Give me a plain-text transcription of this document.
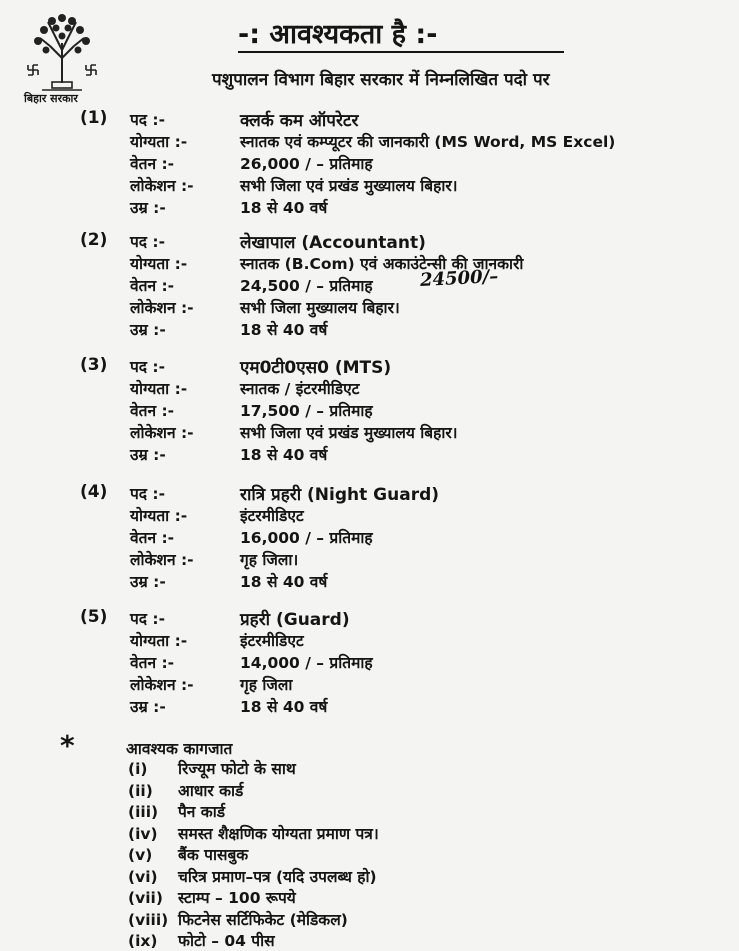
बिहार सरकार
-: आवश्यकता है :-
पशुपालन विभाग बिहार सरकार में निम्नलिखित पदो पर
(1) पद :-	क्लर्क कम ऑपरेटर
योग्यता :-	स्नातक एवं कम्प्यूटर की जानकारी (MS Word, MS Excel)
वेतन :-	26,000 / – प्रतिमाह
लोकेशन :-	सभी जिला एवं प्रखंड मुख्यालय बिहार।
उम्र :-	18 से 40 वर्ष
(2) पद :-	लेखापाल (Accountant)
योग्यता :-	स्नातक (B.Com) एवं अकाउंटेन्सी की जानकारी
वेतन :-	24,500 / – प्रतिमाह	24500/–
लोकेशन :-	सभी जिला मुख्यालय बिहार।
उम्र :-	18 से 40 वर्ष
(3) पद :-	एम0टी0एस0 (MTS)
योग्यता :-	स्नातक / इंटरमीडिएट
वेतन :-	17,500 / – प्रतिमाह
लोकेशन :-	सभी जिला एवं प्रखंड मुख्यालय बिहार।
उम्र :-	18 से 40 वर्ष
(4) पद :-	रात्रि प्रहरी (Night Guard)
योग्यता :-	इंटरमीडिएट
वेतन :-	16,000 / – प्रतिमाह
लोकेशन :-	गृह जिला।
उम्र :-	18 से 40 वर्ष
(5) पद :-	प्रहरी (Guard)
योग्यता :-	इंटरमीडिएट
वेतन :-	14,000 / – प्रतिमाह
लोकेशन :-	गृह जिला
उम्र :-	18 से 40 वर्ष
*	आवश्यक कागजात
(i) रिज्यूम फोटो के साथ
(ii) आधार कार्ड
(iii) पैन कार्ड
(iv) समस्त शैक्षणिक योग्यता प्रमाण पत्र।
(v) बैंक पासबुक
(vi) चरित्र प्रमाण–पत्र (यदि उपलब्ध हो)
(vii) स्टाम्प – 100 रूपये
(viii) फिटनेस सर्टिफिकेट (मेडिकल)
(ix) फोटो – 04 पीस
